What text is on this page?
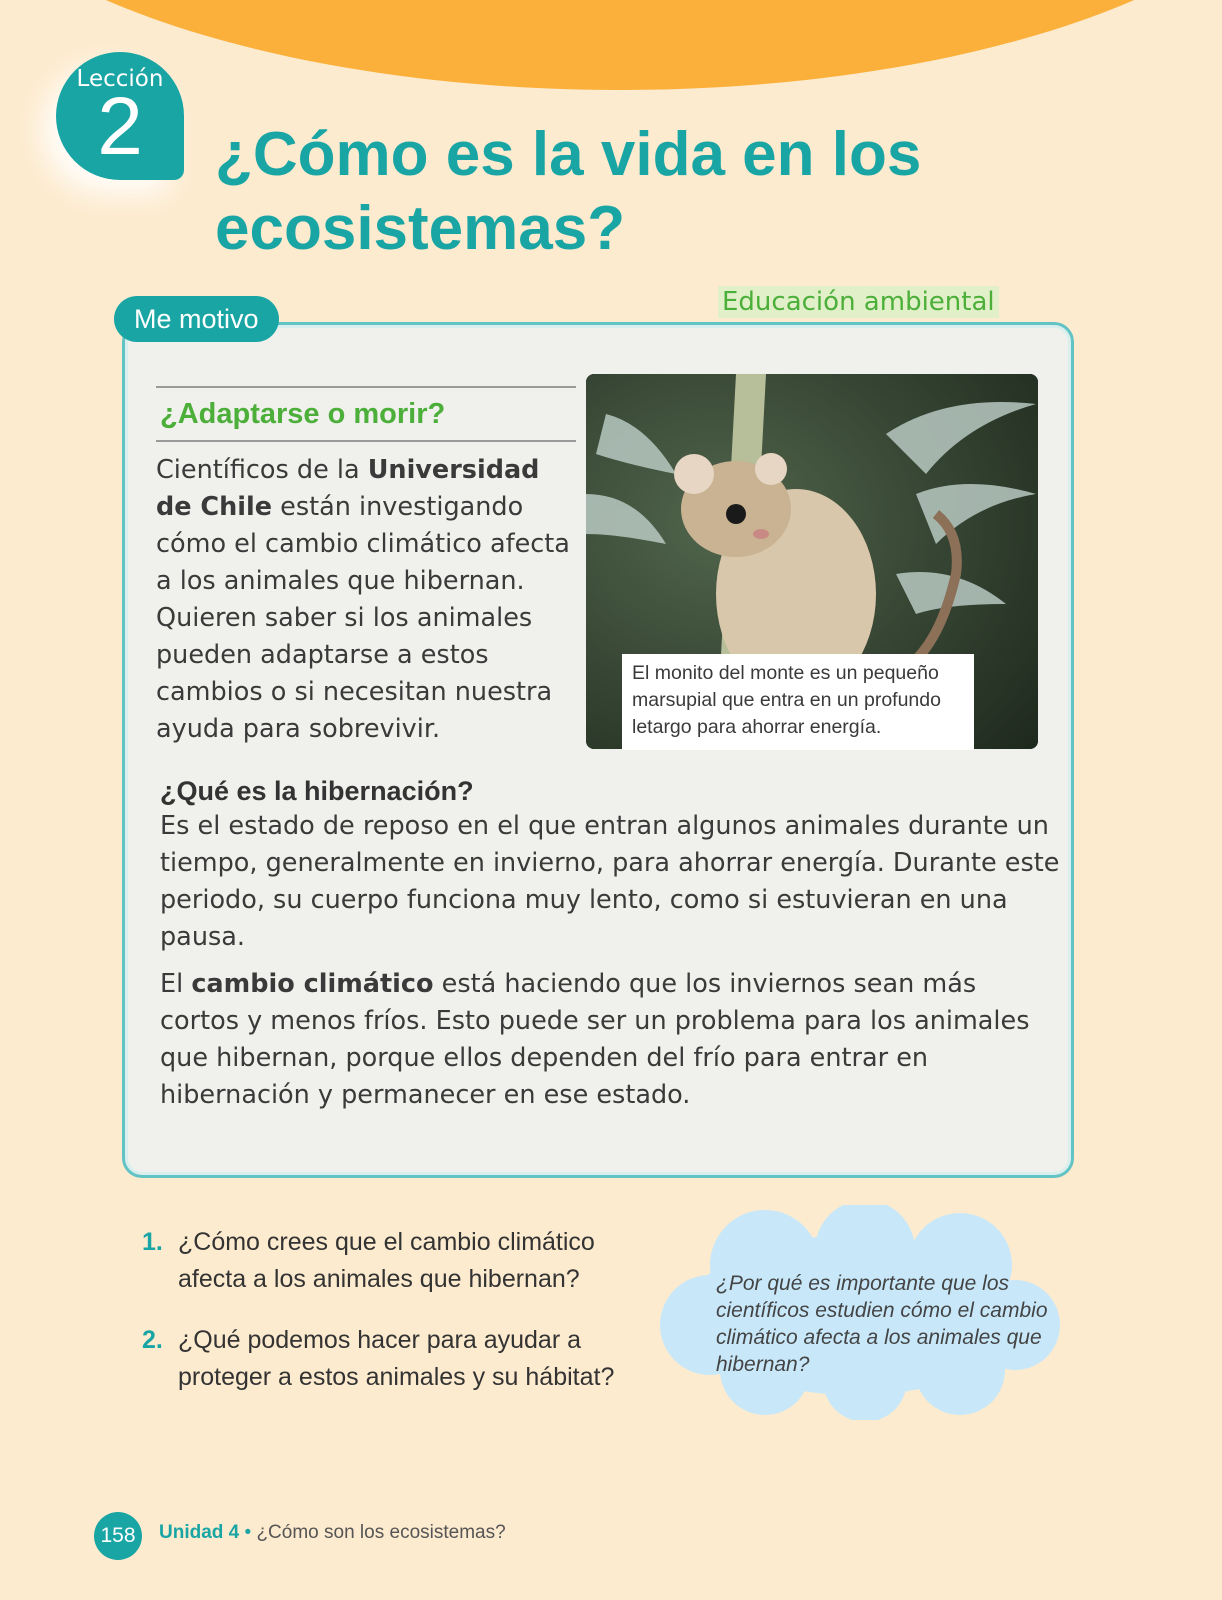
Lección
2	¿Cómo es la vida en los ecosistemas?
Educación ambiental
Me motivo
¿Adaptarse o morir?

Científicos de la Universidad de Chile están investigando cómo el cambio climático afecta a los animales que hibernan. Quieren saber si los animales pueden adaptarse a estos cambios o si necesitan nuestra ayuda para sobrevivir.

El monito del monte es un pequeño marsupial que entra en un profundo letargo para ahorrar energía.
¿Qué es la hibernación?

Es el estado de reposo en el que entran algunos animales durante un tiempo, generalmente en invierno, para ahorrar energía. Durante este periodo, su cuerpo funciona muy lento, como si estuvieran en una pausa.

El cambio climático está haciendo que los inviernos sean más cortos y menos fríos. Esto puede ser un problema para los animales que hibernan, porque ellos dependen del frío para entrar en hibernación y permanecer en ese estado.

1. ¿Cómo crees que el cambio climático afecta a los animales que hibernan?
2. ¿Qué podemos hacer para ayudar a proteger a estos animales y su hábitat?

¿Por qué es importante que los científicos estudien cómo el cambio climático afecta a los animales que hibernan?

158	Unidad 4 • ¿Cómo son los ecosistemas?
